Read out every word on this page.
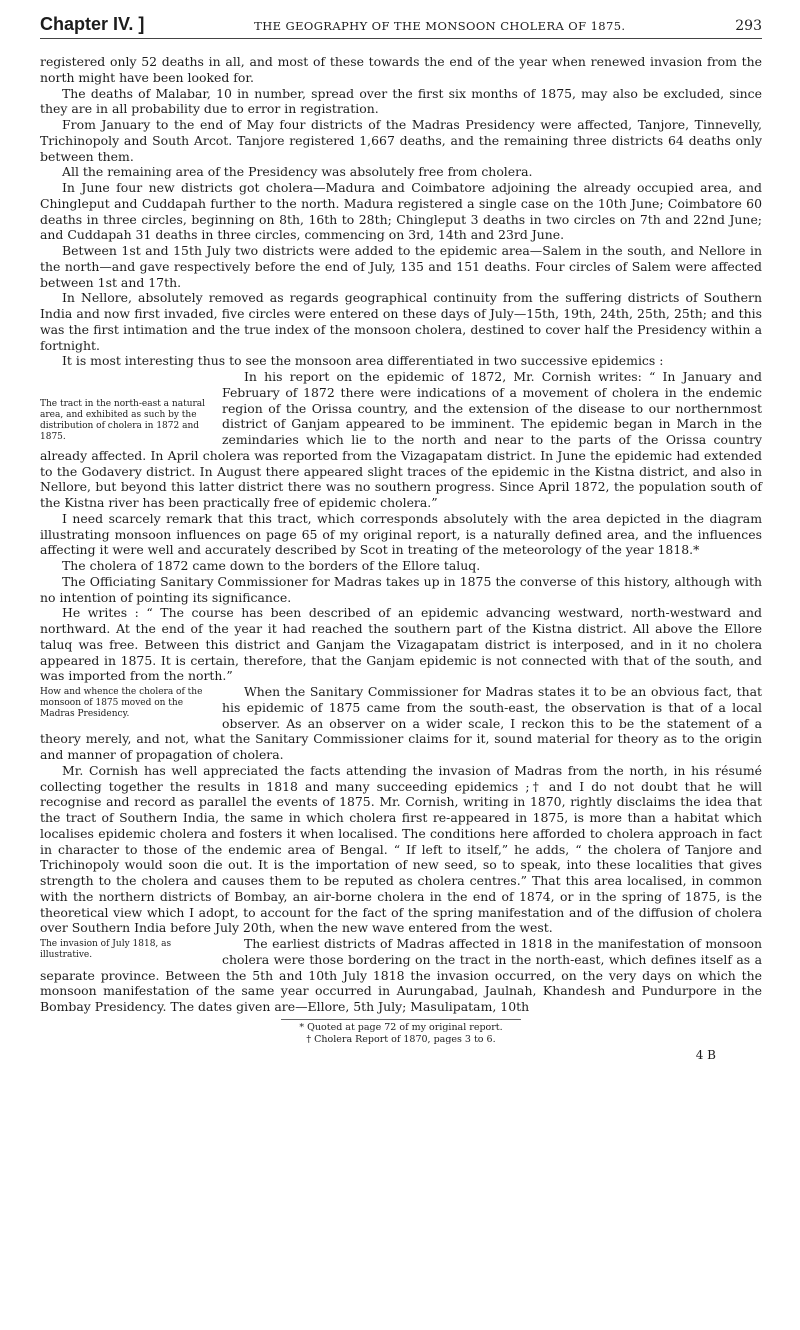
Chapter IV. ]	THE GEOGRAPHY OF THE MONSOON CHOLERA OF 1875.	293

registered only 52 deaths in all, and most of these towards the end of the year when renewed invasion from the north might have been looked for.

The deaths of Malabar, 10 in number, spread over the first six months of 1875, may also be excluded, since they are in all probability due to error in registration.

From January to the end of May four districts of the Madras Presidency were affected, Tanjore, Tinnevelly, Trichinopoly and South Arcot. Tanjore registered 1,667 deaths, and the remaining three districts 64 deaths only between them.

All the remaining area of the Presidency was absolutely free from cholera.

In June four new districts got cholera—Madura and Coimbatore adjoining the already occupied area, and Chingleput and Cuddapah further to the north. Madura registered a single case on the 10th June; Coimbatore 60 deaths in three circles, beginning on 8th, 16th to 28th; Chingleput 3 deaths in two circles on 7th and 22nd June; and Cuddapah 31 deaths in three circles, commencing on 3rd, 14th and 23rd June.

Between 1st and 15th July two districts were added to the epidemic area—Salem in the south, and Nellore in the north—and gave respectively before the end of July, 135 and 151 deaths. Four circles of Salem were affected between 1st and 17th.

In Nellore, absolutely removed as regards geographical continuity from the suffering districts of Southern India and now first invaded, five circles were entered on these days of July—15th, 19th, 24th, 25th, 25th; and this was the first intimation and the true index of the monsoon cholera, destined to cover half the Presidency within a fortnight.

It is most interesting thus to see the monsoon area differentiated in two successive epidemics :

The tract in the north-east a natural area, and exhibited as such by the distribution of cholera in 1872 and 1875.

In his report on the epidemic of 1872, Mr. Cornish writes: “ In January and February of 1872 there were indications of a movement of cholera in the endemic region of the Orissa country, and the extension of the disease to our northernmost district of Ganjam appeared to be imminent. The epidemic began in March in the zemindaries which lie to the north and near to the parts of the Orissa country already affected. In April cholera was reported from the Vizagapatam district. In June the epidemic had extended to the Godavery district. In August there appeared slight traces of the epidemic in the Kistna district, and also in Nellore, but beyond this latter district there was no southern progress. Since April 1872, the population south of the Kistna river has been practically free of epidemic cholera.”

I need scarcely remark that this tract, which corresponds absolutely with the area depicted in the diagram illustrating monsoon influences on page 65 of my original report, is a naturally defined area, and the influences affecting it were well and accurately described by Scot in treating of the meteorology of the year 1818.*

The cholera of 1872 came down to the borders of the Ellore taluq.

The Officiating Sanitary Commissioner for Madras takes up in 1875 the converse of this history, although with no intention of pointing its significance.

He writes : “ The course has been described of an epidemic advancing westward, north-westward and northward. At the end of the year it had reached the southern part of the Kistna district. All above the Ellore taluq was free. Between this district and Ganjam the Vizagapatam district is interposed, and in it no cholera appeared in 1875. It is certain, therefore, that the Ganjam epidemic is not connected with that of the south, and was imported from the north.”

How and whence the cholera of the monsoon of 1875 moved on the Madras Presidency.

When the Sanitary Commissioner for Madras states it to be an obvious fact, that his epidemic of 1875 came from the south-east, the observation is that of a local observer. As an observer on a wider scale, I reckon this to be the statement of a theory merely, and not, what the Sanitary Commissioner claims for it, sound material for theory as to the origin and manner of propagation of cholera.

Mr. Cornish has well appreciated the facts attending the invasion of Madras from the north, in his résumé collecting together the results in 1818 and many succeeding epidemics ;† and I do not doubt that he will recognise and record as parallel the events of 1875. Mr. Cornish, writing in 1870, rightly disclaims the idea that the tract of Southern India, the same in which cholera first re-appeared in 1875, is more than a habitat which localises epidemic cholera and fosters it when localised. The conditions here afforded to cholera approach in fact in character to those of the endemic area of Bengal. “ If left to itself,” he adds, “ the cholera of Tanjore and Trichinopoly would soon die out. It is the importation of new seed, so to speak, into these localities that gives strength to the cholera and causes them to be reputed as cholera centres.” That this area localised, in common with the northern districts of Bombay, an air-borne cholera in the end of 1874, or in the spring of 1875, is the theoretical view which I adopt, to account for the fact of the spring manifestation and of the diffusion of cholera over Southern India before July 20th, when the new wave entered from the west.

The invasion of July 1818, as illustrative.

The earliest districts of Madras affected in 1818 in the manifestation of monsoon cholera were those bordering on the tract in the north-east, which defines itself as a separate province. Between the 5th and 10th July 1818 the invasion occurred, on the very days on which the monsoon manifestation of the same year occurred in Aurungabad, Jaulnah, Khandesh and Pundurpore in the Bombay Presidency. The dates given are—Ellore, 5th July; Masulipatam, 10th

* Quoted at page 72 of my original report.
† Cholera Report of 1870, pages 3 to 6.
4 B
